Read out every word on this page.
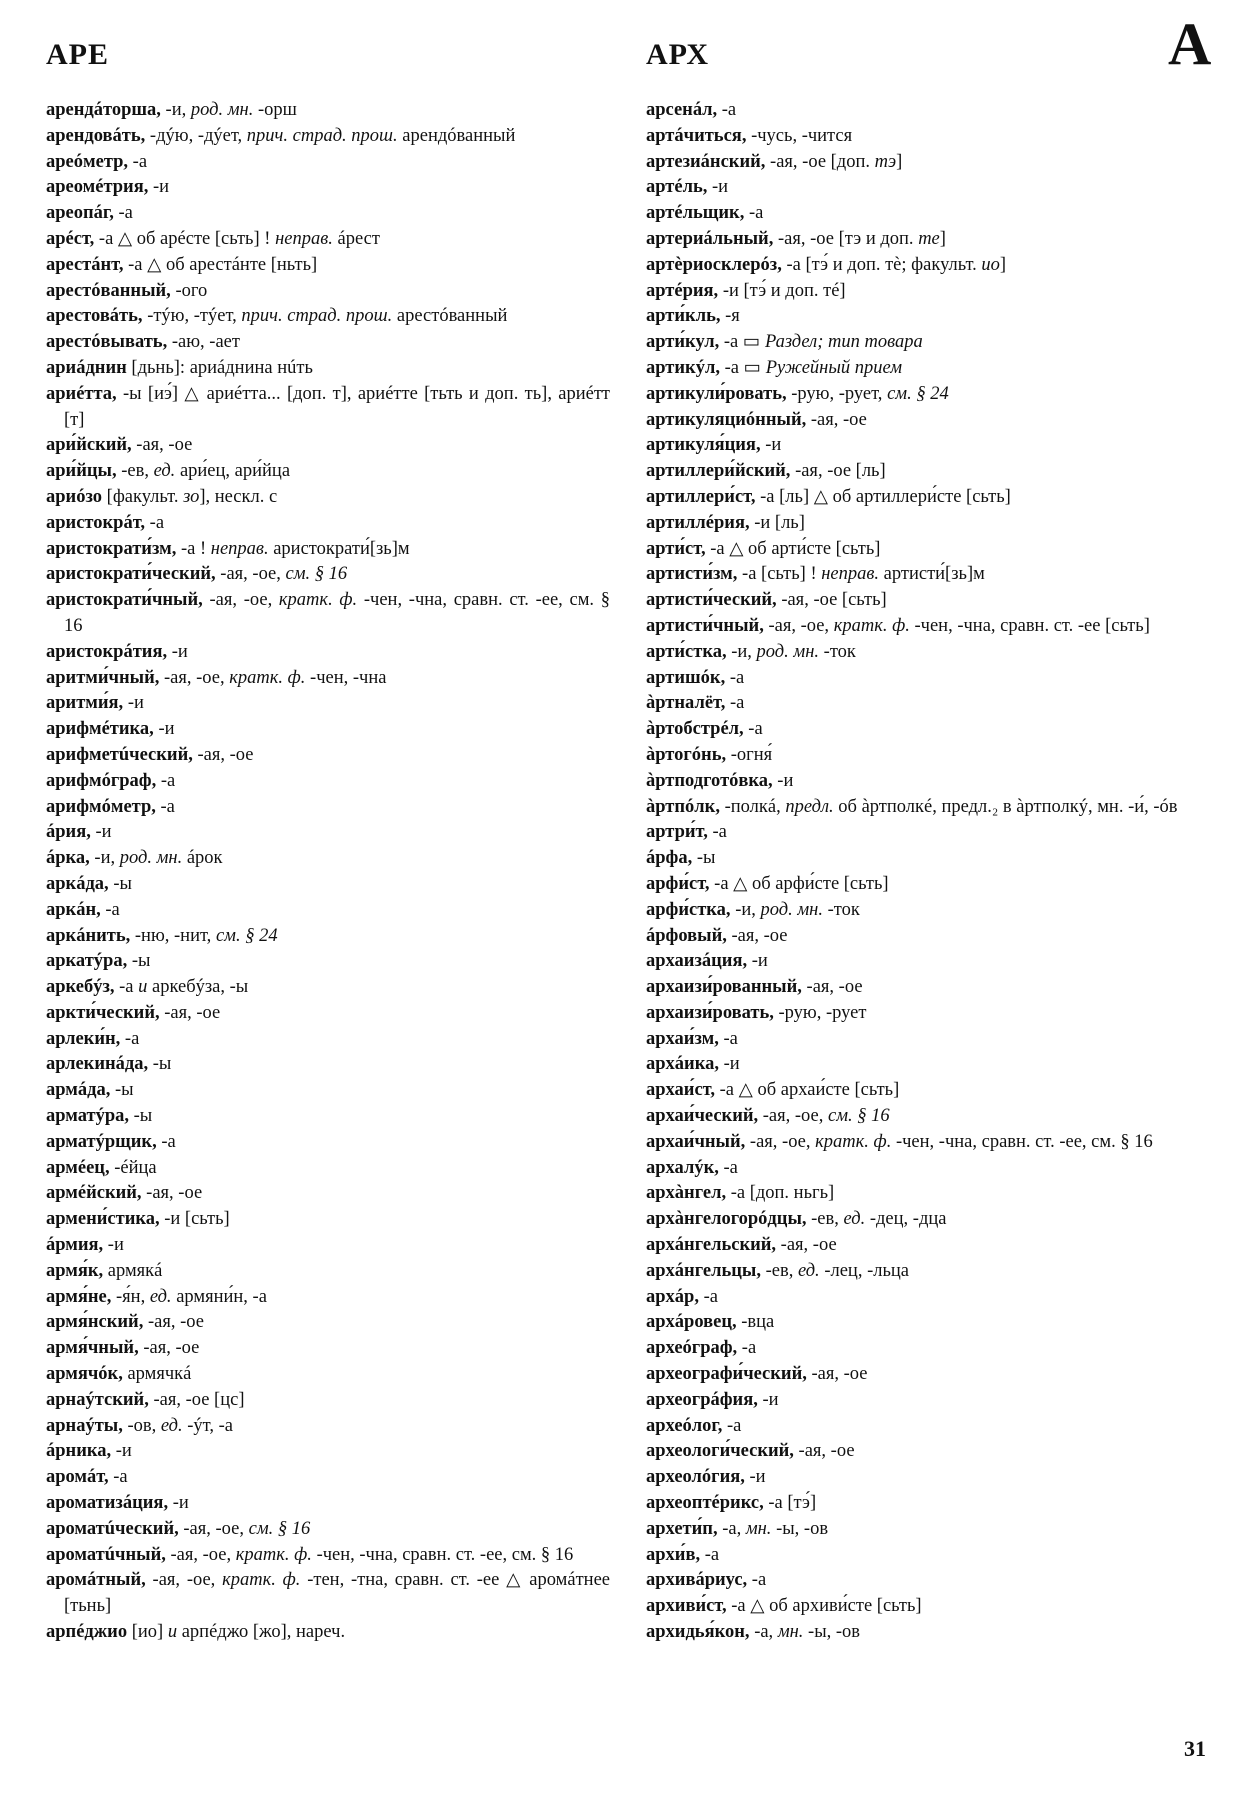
АРЕ	АРХ	А
арендáторша, -и, род. мн. -орш
арендовáть, -дýю, -дýет, прич. страд. прош. арендóванный
ареóметр, -а
ареомéтрия, -и
ареопáг, -а
арéст, -а △ об арéсте [сьть] ! неправ. áрест
арестáнт, -а △ об арестáнте [ньть]
арестóванный, -ого
арестовáть, -тýю, -тýет, прич. страд. прош. арестóванный
арестóвывать, -аю, -ает
ариáднин [дьнь]: ариáднина нúть
ариéтта, -ы [иэ́] △ ариéтта... [доп. т], ариéтте [тьть и доп. ть], ариéтт [т]
ари́йский, -ая, -ое
ари́йцы, -ев, ед. ари́ец, ари́йца
ариóзо [факульт. зо], нескл. с
аристокрáт, -а
аристократи́зм, -а ! неправ. аристократи́[зь]м
аристократи́ческий, -ая, -ое, см. § 16
аристократи́чный, -ая, -ое, кратк. ф. -чен, -чна, сравн. ст. -ее, см. § 16
аристокрáтия, -и
аритми́чный, -ая, -ое, кратк. ф. -чен, -чна
аритми́я, -и
арифмéтика, -и
арифметúческий, -ая, -ое
арифмóграф, -а
арифмóметр, -а
áрия, -и
áрка, -и, род. мн. áрок
аркáда, -ы
аркáн, -а
аркáнить, -ню, -нит, см. § 24
аркатýра, -ы
аркебýз, -а и аркебýза, -ы
аркти́ческий, -ая, -ое
арлеки́н, -а
арлекинáда, -ы
армáда, -ы
арматýра, -ы
арматýрщик, -а
армéец, -éйца
армéйский, -ая, -ое
армени́стика, -и [сьть]
áрмия, -и
армя́к, армякá
армя́не, -я́н, ед. армяни́н, -а
армя́нский, -ая, -ое
армя́чный, -ая, -ое
армячóк, армячкá
арнаýтский, -ая, -ое [цс]
арнаýты, -ов, ед. -ýт, -а
áрника, -и
аромáт, -а
ароматизáция, -и
ароматúческий, -ая, -ое, см. § 16
ароматúчный, -ая, -ое, кратк. ф. -чен, -чна, сравн. ст. -ее, см. § 16
аромáтный, -ая, -ое, кратк. ф. -тен, -тна, сравн. ст. -ее △ аромáтнее [тьнь]
арпéджио [ио] и арпéджо [жо], нареч.
арсенáл, -а
артáчиться, -чусь, -чится
артезиáнский, -ая, -ое [доп. тэ]
артéль, -и
артéльщик, -а
артериáльный, -ая, -ое [тэ и доп. те]
артèриосклерóз, -а [тэ́ и доп. тѐ; факульт. ио]
артéрия, -и [тэ́ и доп. тé]
арти́кль, -я
арти́кул, -а ▭ Раздел; тип товара
артикýл, -а ▭ Ружейный прием
артикули́ровать, -рую, -рует, см. § 24
артикуляциóнный, -ая, -ое
артикуля́ция, -и
артиллери́йский, -ая, -ое [ль]
артиллери́ст, -а [ль] △ об артиллери́сте [сьть]
артиллéрия, -и [ль]
арти́ст, -а △ об арти́сте [сьть]
артисти́зм, -а [сьть] ! неправ. артисти́[зь]м
артисти́ческий, -ая, -ое [сьть]
артисти́чный, -ая, -ое, кратк. ф. -чен, -чна, сравн. ст. -ее [сьть]
арти́стка, -и, род. мн. -ток
артишóк, -а
àртналёт, -а
àртобстрéл, -а
àртогóнь, -огня́
àртподготóвка, -и
àртпóлк, -полкá, предл. об àртполкé, предл.₂ в àртполкý, мн. -и́, -óв
артри́т, -а
áрфа, -ы
арфи́ст, -а △ об арфи́сте [сьть]
арфи́стка, -и, род. мн. -ток
áрфовый, -ая, -ое
архаизáция, -и
архаизи́рованный, -ая, -ое
архаизи́ровать, -рую, -рует
архаи́зм, -а
архáика, -и
архаи́ст, -а △ об архаи́сте [сьть]
архаи́ческий, -ая, -ое, см. § 16
архаи́чный, -ая, -ое, кратк. ф. -чен, -чна, сравн. ст. -ее, см. § 16
архалýк, -а
архàнгел, -а [доп. ньгь]
архàнгелогорóдцы, -ев, ед. -дец, -дца
архáнгельский, -ая, -ое
архáнгельцы, -ев, ед. -лец, -льца
архáр, -а
архáровец, -вца
археóграф, -а
археографи́ческий, -ая, -ое
археогрáфия, -и
археóлог, -а
археологи́ческий, -ая, -ое
археолóгия, -и
археоптéрикс, -а [тэ́]
архети́п, -а, мн. -ы, -ов
архи́в, -а
архивáриус, -а
архиви́ст, -а △ об архиви́сте [сьть]
архидья́кон, -а, мн. -ы, -ов
31
